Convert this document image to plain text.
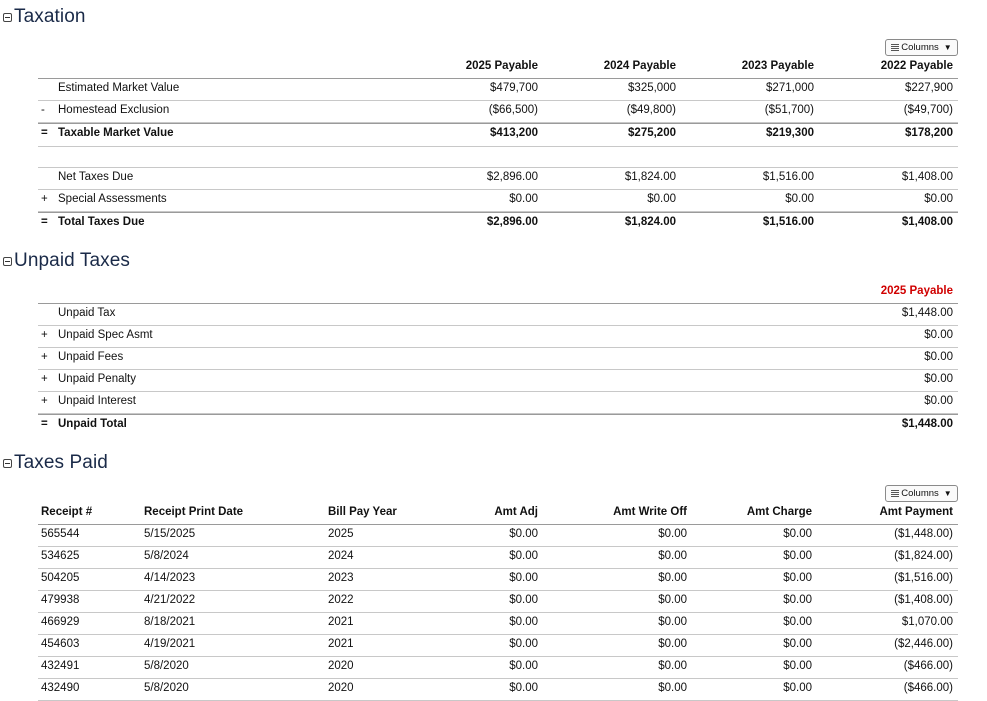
Taxation
Columns ▼
2025 Payable	2024 Payable	2023 Payable	2022 Payable
Estimated Market Value	$479,700	$325,000	$271,000	$227,900
-	Homestead Exclusion	($66,500)	($49,800)	($51,700)	($49,700)
= Taxable Market Value	$413,200	$275,200	$219,300	$178,200
Net Taxes Due	$2,896.00	$1,824.00	$1,516.00	$1,408.00
+ Special Assessments	$0.00	$0.00	$0.00	$0.00
= Total Taxes Due	$2,896.00	$1,824.00	$1,516.00	$1,408.00
Unpaid Taxes
2025 Payable
Unpaid Tax	$1,448.00
+ Unpaid Spec Asmt	$0.00
+ Unpaid Fees	$0.00
+ Unpaid Penalty	$0.00
+ Unpaid Interest	$0.00
= Unpaid Total	$1,448.00
Taxes Paid
Columns ▼
Receipt #	Receipt Print Date	Bill Pay Year	Amt Adj	Amt Write Off	Amt Charge	Amt Payment
565544	5/15/2025	2025	$0.00	$0.00	$0.00	($1,448.00)
534625	5/8/2024	2024	$0.00	$0.00	$0.00	($1,824.00)
504205	4/14/2023	2023	$0.00	$0.00	$0.00	($1,516.00)
479938	4/21/2022	2022	$0.00	$0.00	$0.00	($1,408.00)
466929	8/18/2021	2021	$0.00	$0.00	$0.00	$1,070.00
454603	4/19/2021	2021	$0.00	$0.00	$0.00	($2,446.00)
432491	5/8/2020	2020	$0.00	$0.00	$0.00	($466.00)
432490	5/8/2020	2020	$0.00	$0.00	$0.00	($466.00)
